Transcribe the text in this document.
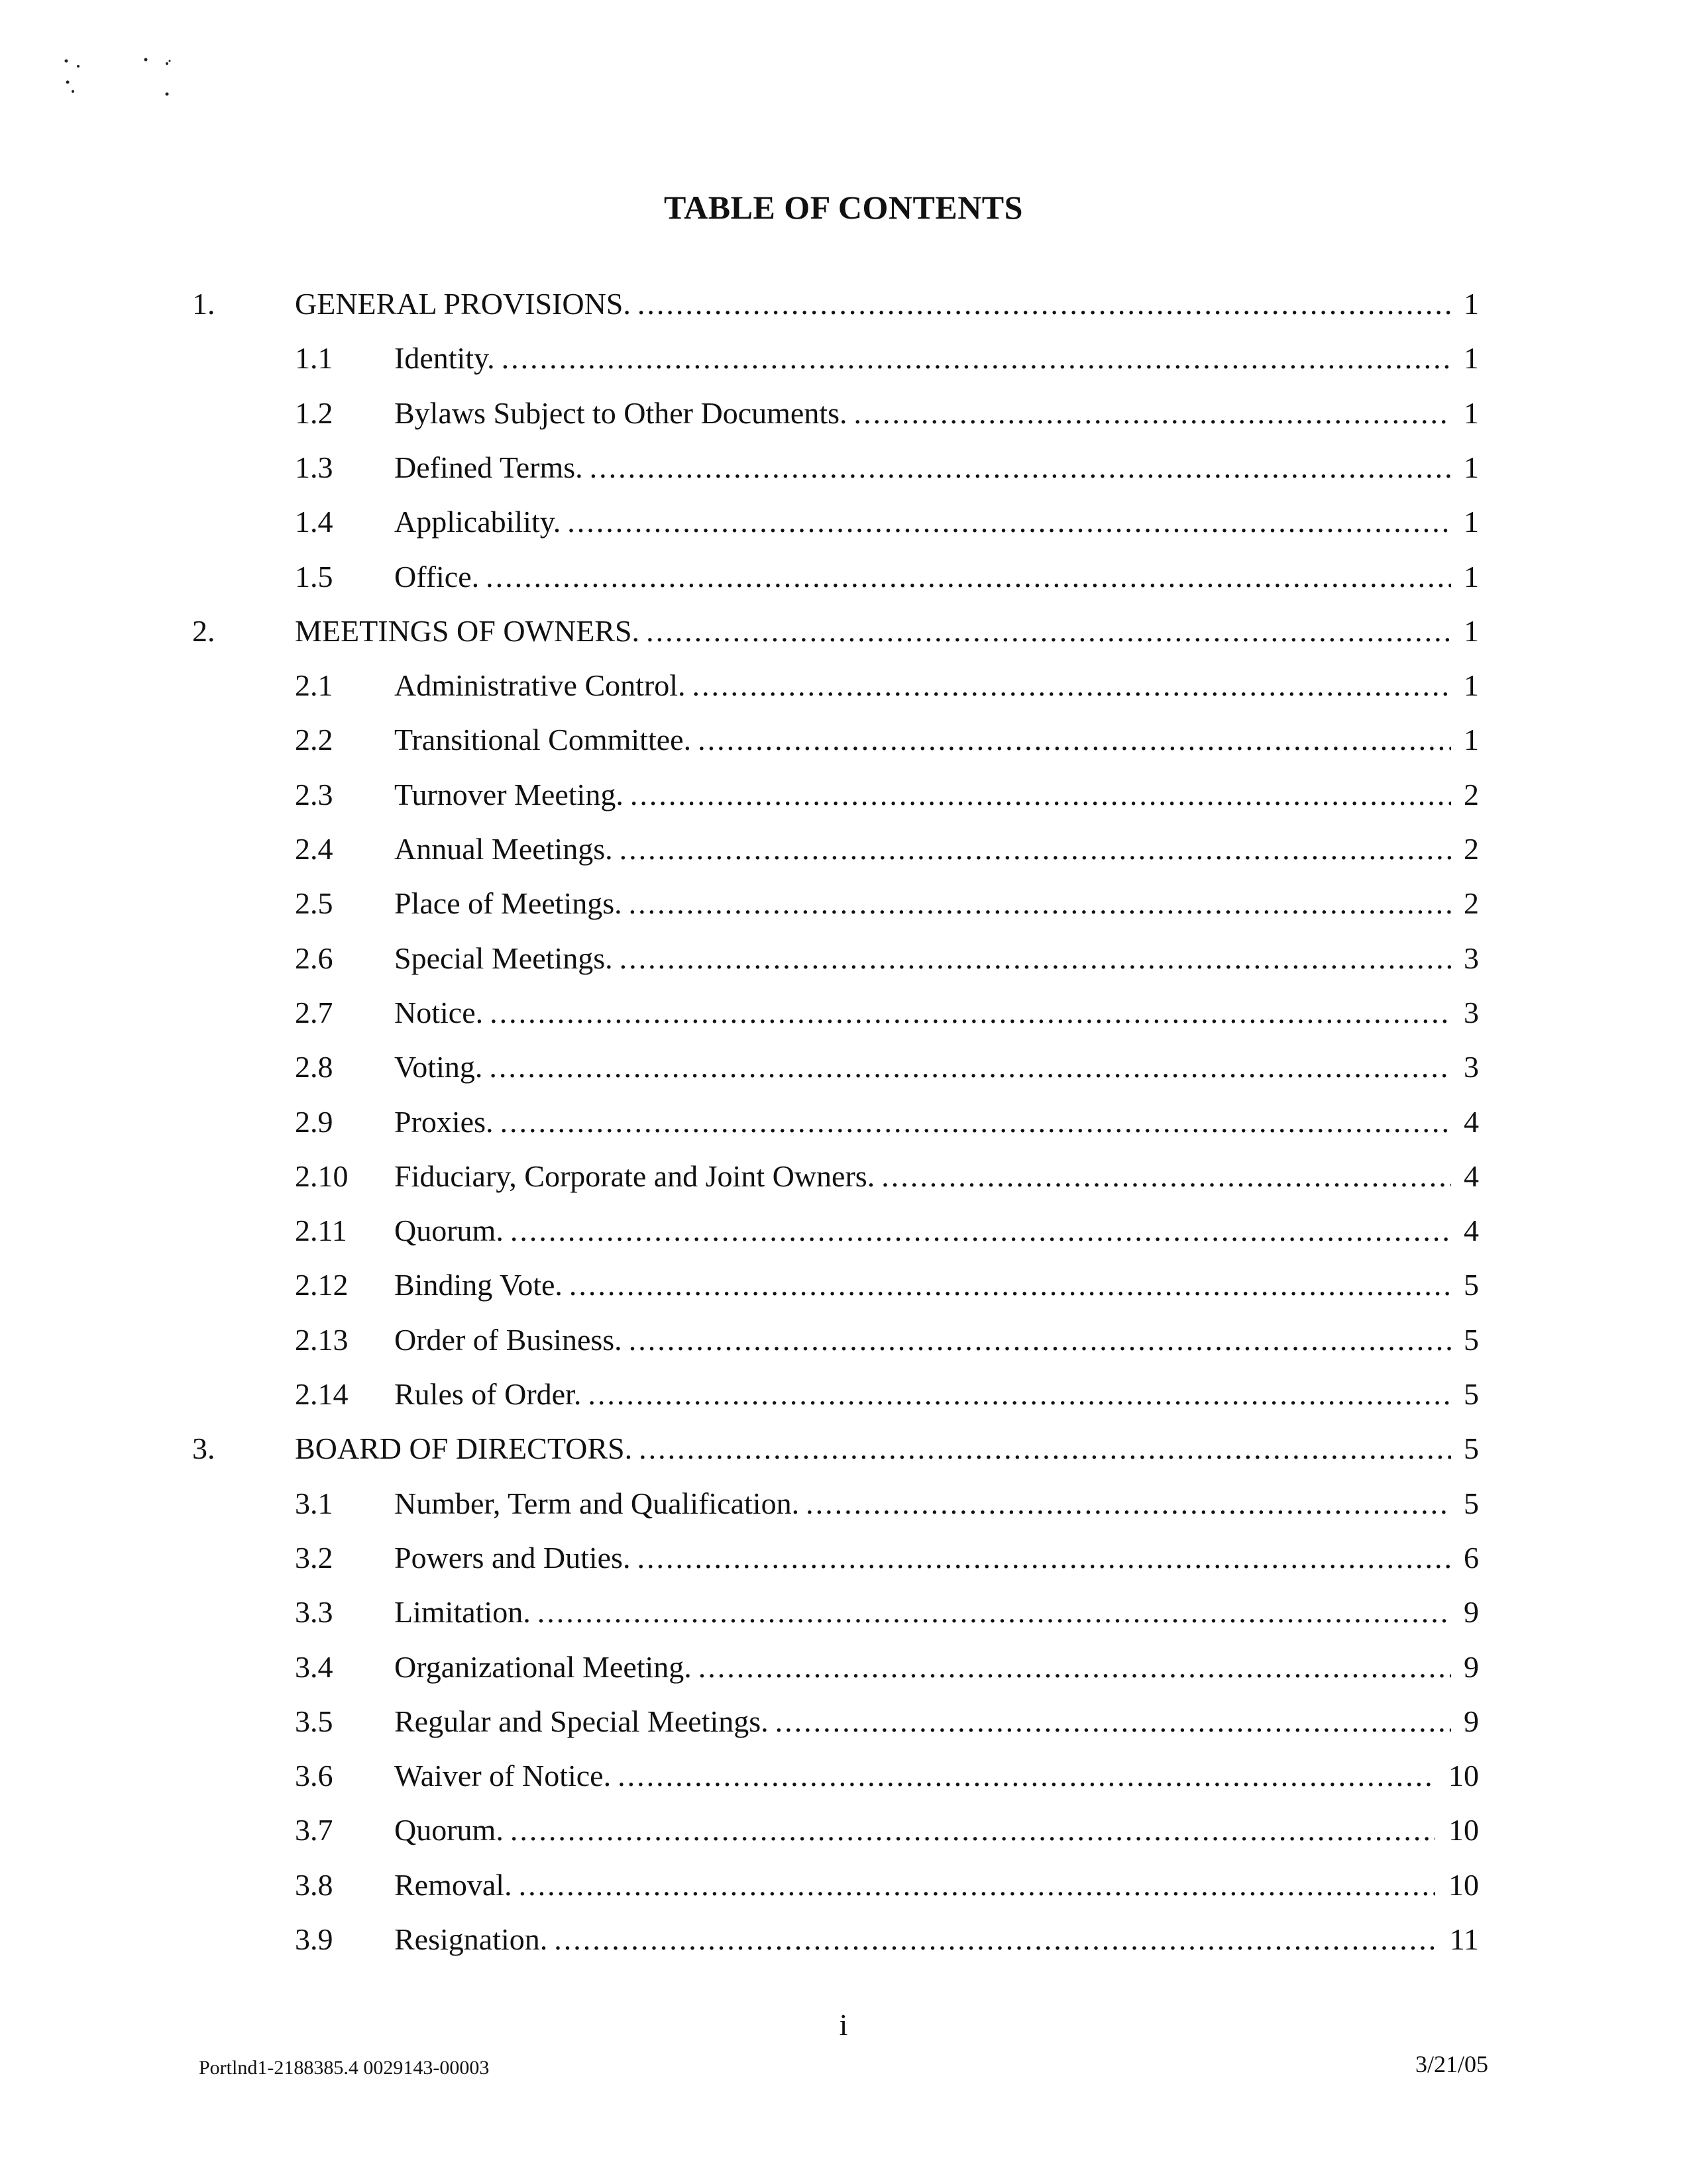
TABLE OF CONTENTS
1.	GENERAL PROVISIONS. .....	1
1.1 Identity. .....	1
1.2 Bylaws Subject to Other Documents. .....	1
1.3 Defined Terms. .....	1
1.4 Applicability. .....	1
1.5 Office. .....	1
2.	MEETINGS OF OWNERS. .....	1
2.1 Administrative Control. .....	1
2.2 Transitional Committee. .....	1
2.3 Turnover Meeting. .....	2
2.4 Annual Meetings. .....	2
2.5 Place of Meetings. .....	2
2.6 Special Meetings. .....	3
2.7 Notice. .....	3
2.8 Voting. .....	3
2.9 Proxies. .....	4
2.10 Fiduciary, Corporate and Joint Owners. .....	4
2.11 Quorum. .....	4
2.12 Binding Vote. .....	5
2.13 Order of Business. .....	5
2.14 Rules of Order. .....	5
3.	BOARD OF DIRECTORS. .....	5
3.1 Number, Term and Qualification. .....	5
3.2 Powers and Duties. .....	6
3.3 Limitation. .....	9
3.4 Organizational Meeting. .....	9
3.5 Regular and Special Meetings. .....	9
3.6 Waiver of Notice. .....	10
3.7 Quorum. .....	10
3.8 Removal. .....	10
3.9 Resignation. .....	11
i
Portlnd1-2188385.4 0029143-00003	3/21/05
